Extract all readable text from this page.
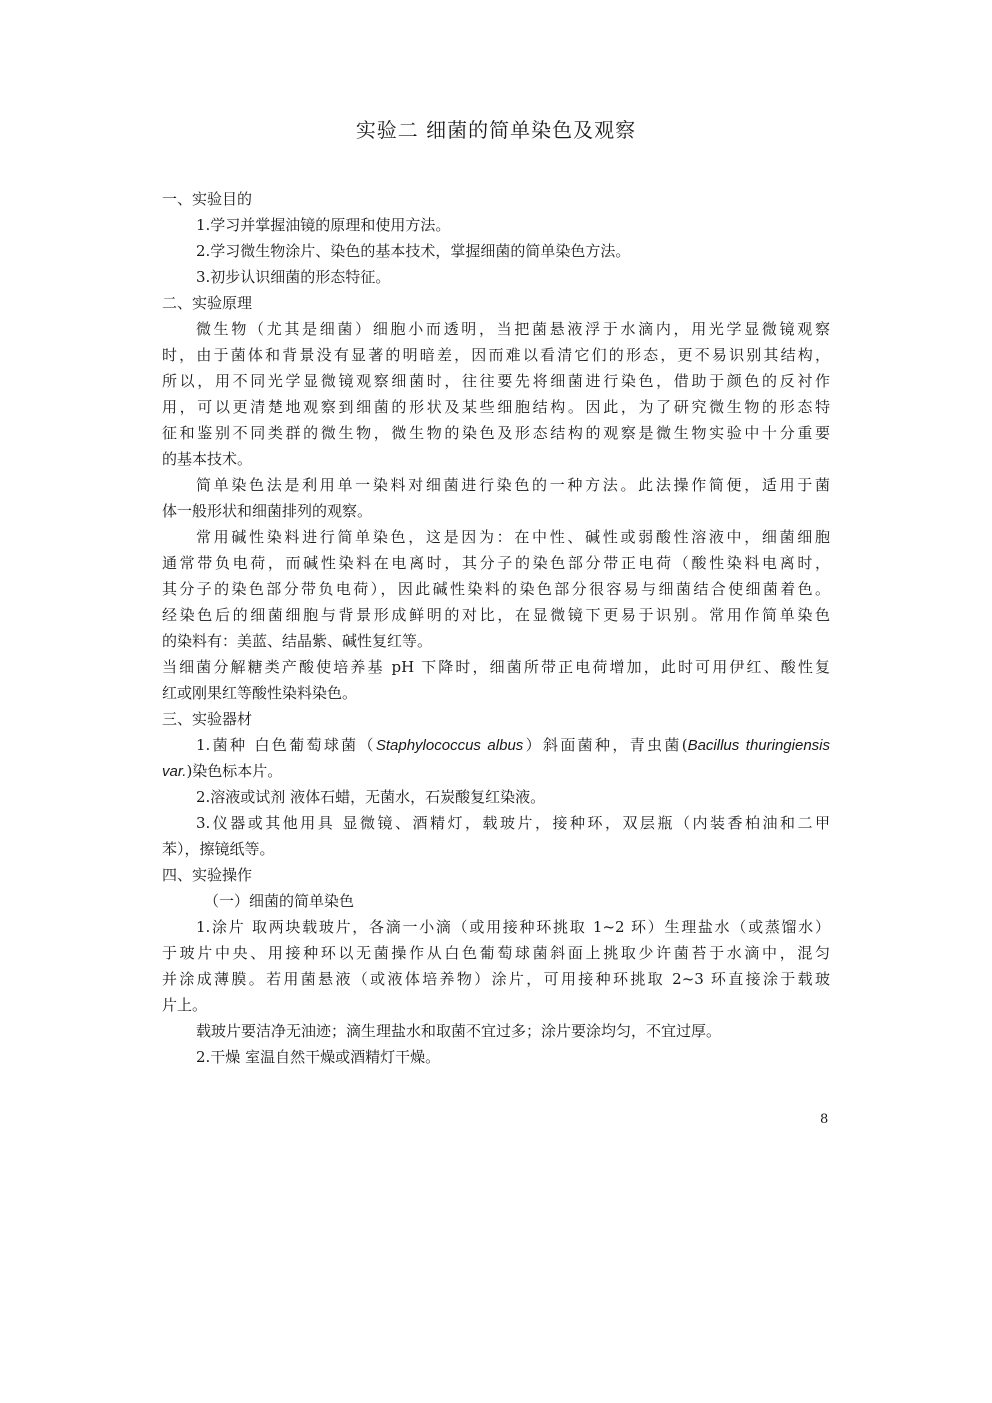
实验二 细菌的简单染色及观察
一、实验目的
1.学习并掌握油镜的原理和使用方法。
2.学习微生物涂片、染色的基本技术，掌握细菌的简单染色方法。
3.初步认识细菌的形态特征。
二、实验原理
微生物（尤其是细菌）细胞小而透明，当把菌悬液浮于水滴内，用光学显微镜观察
时，由于菌体和背景没有显著的明暗差，因而难以看清它们的形态，更不易识别其结构，
所以，用不同光学显微镜观察细菌时，往往要先将细菌进行染色，借助于颜色的反衬作
用，可以更清楚地观察到细菌的形状及某些细胞结构。因此，为了研究微生物的形态特
征和鉴别不同类群的微生物，微生物的染色及形态结构的观察是微生物实验中十分重要
的基本技术。
简单染色法是利用单一染料对细菌进行染色的一种方法。此法操作简便，适用于菌
体一般形状和细菌排列的观察。
常用碱性染料进行简单染色，这是因为：在中性、碱性或弱酸性溶液中，细菌细胞
通常带负电荷，而碱性染料在电离时，其分子的染色部分带正电荷（酸性染料电离时，
其分子的染色部分带负电荷），因此碱性染料的染色部分很容易与细菌结合使细菌着色。
经染色后的细菌细胞与背景形成鲜明的对比，在显微镜下更易于识别。常用作简单染色
的染料有：美蓝、结晶紫、碱性复红等。
当细菌分解糖类产酸使培养基 pH 下降时，细菌所带正电荷增加，此时可用伊红、酸性复
红或刚果红等酸性染料染色。
三、实验器材
1.菌种 白色葡萄球菌（Staphylococcus albus）斜面菌种，青虫菌(Bacillus thuringiensis
var.)染色标本片。
2.溶液或试剂 液体石蜡，无菌水，石炭酸复红染液。
3.仪器或其他用具 显微镜、酒精灯，载玻片，接种环，双层瓶（内装香柏油和二甲
苯），擦镜纸等。
四、实验操作
（一）细菌的简单染色
1.涂片 取两块载玻片，各滴一小滴（或用接种环挑取 1~2 环）生理盐水（或蒸馏水）
于玻片中央、用接种环以无菌操作从白色葡萄球菌斜面上挑取少许菌苔于水滴中，混匀
并涂成薄膜。若用菌悬液（或液体培养物）涂片，可用接种环挑取 2~3 环直接涂于载玻
片上。
载玻片要洁净无油迹；滴生理盐水和取菌不宜过多；涂片要涂均匀，不宜过厚。
2.干燥 室温自然干燥或酒精灯干燥。
8
